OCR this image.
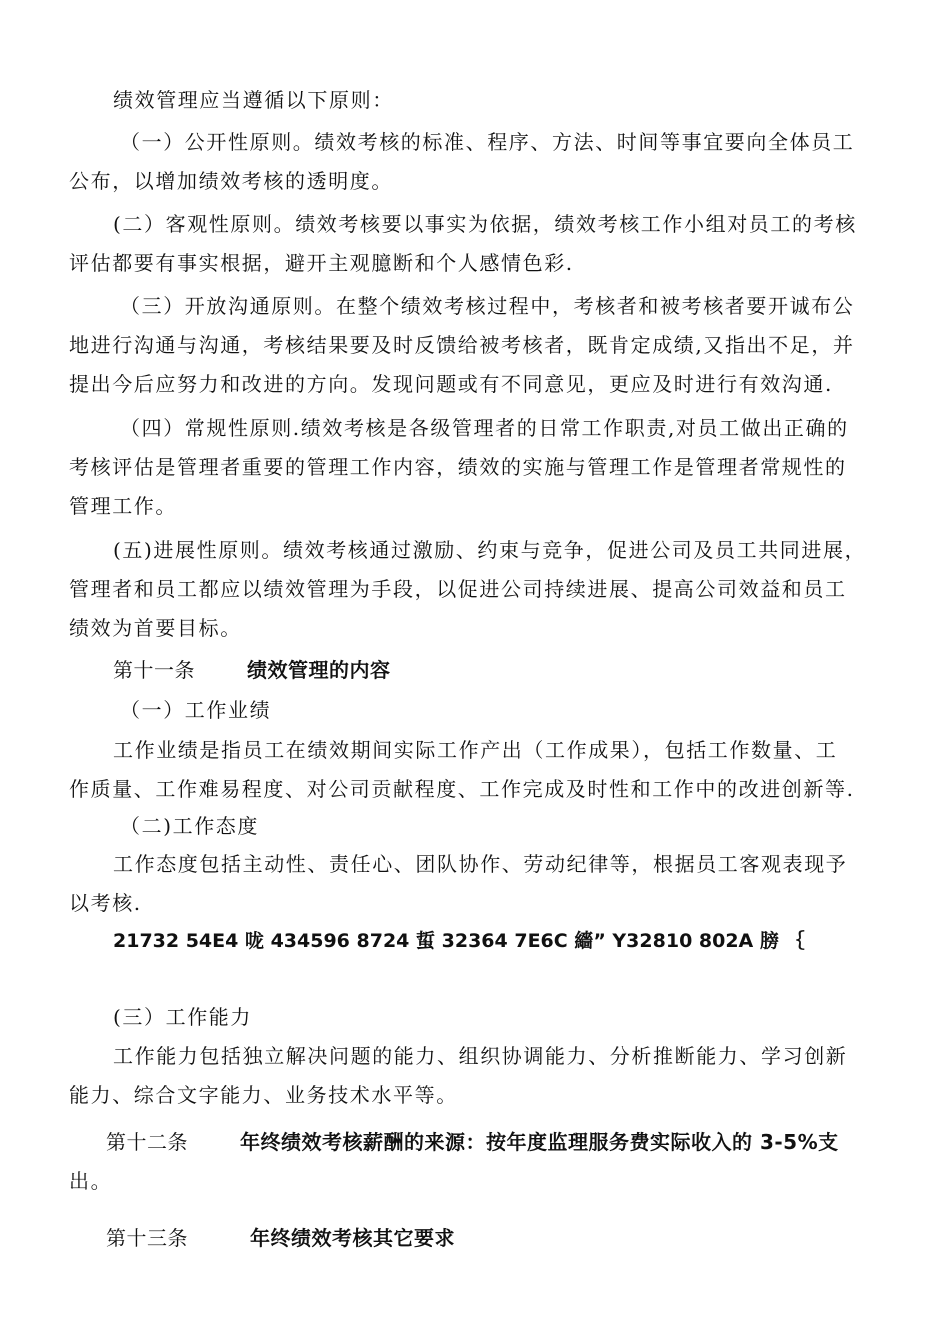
绩效管理应当遵循以下原则：
（一）公开性原则。绩效考核的标准、程序、方法、时间等事宜要向全体员工
公布，以增加绩效考核的透明度。
(二）客观性原则。绩效考核要以事实为依据，绩效考核工作小组对员工的考核
评估都要有事实根据，避开主观臆断和个人感情色彩.
（三）开放沟通原则。在整个绩效考核过程中，考核者和被考核者要开诚布公
地进行沟通与沟通，考核结果要及时反馈给被考核者，既肯定成绩,又指出不足，并
提出今后应努力和改进的方向。发现问题或有不同意见，更应及时进行有效沟通.
（四）常规性原则.绩效考核是各级管理者的日常工作职责,对员工做出正确的
考核评估是管理者重要的管理工作内容，绩效的实施与管理工作是管理者常规性的
管理工作。
(五)进展性原则。绩效考核通过激励、约束与竞争，促进公司及员工共同进展，
管理者和员工都应以绩效管理为手段，以促进公司持续进展、提高公司效益和员工
绩效为首要目标。
第十一条	绩效管理的内容
（一）工作业绩
工作业绩是指员工在绩效期间实际工作产出（工作成果），包括工作数量、工
作质量、工作难易程度、对公司贡献程度、工作完成及时性和工作中的改进创新等.
（二)工作态度
工作态度包括主动性、责任心、团队协作、劳动纪律等，根据员工客观表现予
以考核.
21732 54E4 咙 434596 8724 蜇 32364 7E6C 繬” Y32810 802A 膀 ｛
(三）工作能力
工作能力包括独立解决问题的能力、组织协调能力、分析推断能力、学习创新
能力、综合文字能力、业务技术水平等。
第十二条	年终绩效考核薪酬的来源：按年度监理服务费实际收入的 3-5%支
出。
第十三条	年终绩效考核其它要求
